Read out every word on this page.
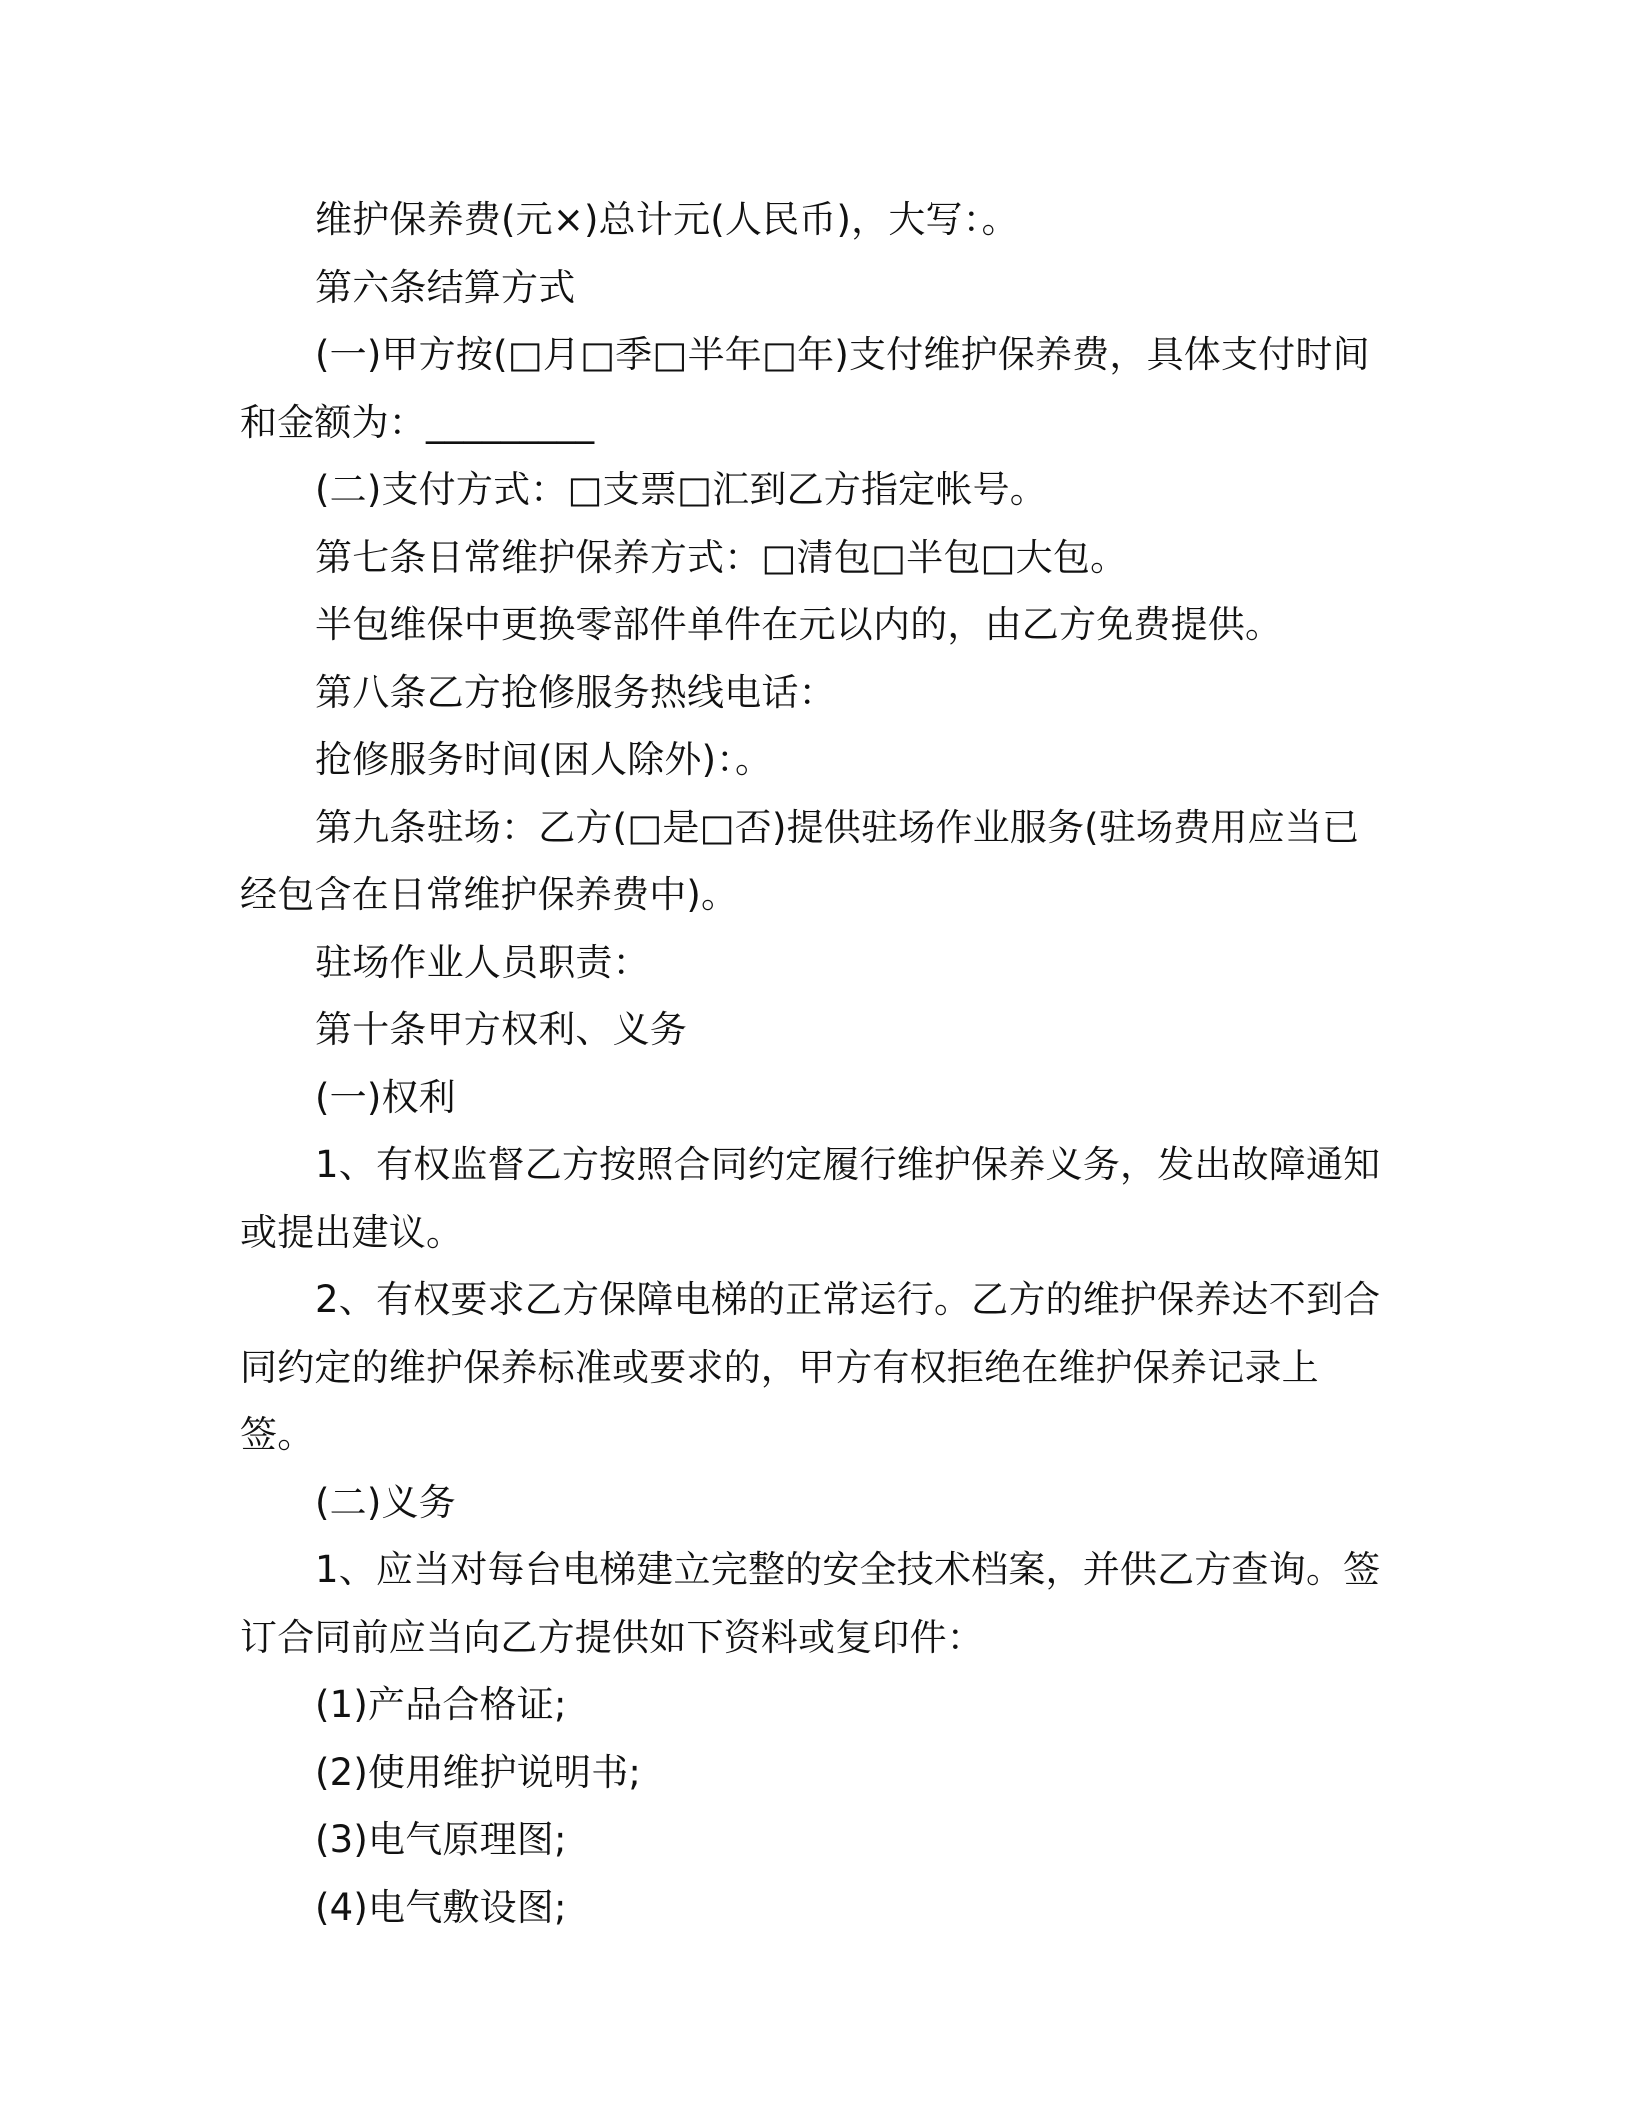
维护保养费(元×)总计元(人民币)，大写：。

第六条结算方式

(一)甲方按(□月□季□半年□年)支付维护保养费，具体支付时间和金额为：_________

(二)支付方式：□支票□汇到乙方指定帐号。

第七条日常维护保养方式：□清包□半包□大包。

半包维保中更换零部件单件在元以内的，由乙方免费提供。

第八条乙方抢修服务热线电话：

抢修服务时间(困人除外)：。

第九条驻场：乙方(□是□否)提供驻场作业服务(驻场费用应当已经包含在日常维护保养费中)。

驻场作业人员职责：

第十条甲方权利、义务

(一)权利

1、有权监督乙方按照合同约定履行维护保养义务，发出故障通知或提出建议。

2、有权要求乙方保障电梯的正常运行。乙方的维护保养达不到合同约定的维护保养标准或要求的，甲方有权拒绝在维护保养记录上签。

(二)义务

1、应当对每台电梯建立完整的安全技术档案，并供乙方查询。签订合同前应当向乙方提供如下资料或复印件：

(1)产品合格证;

(2)使用维护说明书;

(3)电气原理图;

(4)电气敷设图;
